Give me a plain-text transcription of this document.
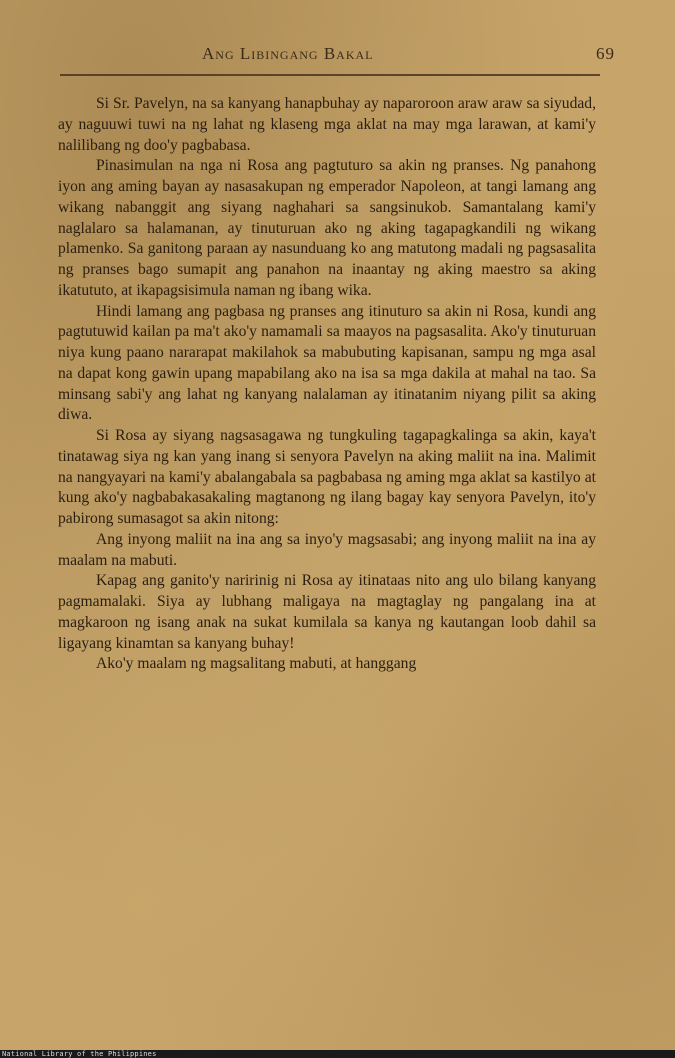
Ang Libingang Bakal	69

Si Sr. Pavelyn, na sa kanyang hanapbuhay ay naparoroon araw araw sa siyudad, ay naguuwi tuwi na ng lahat ng klaseng mga aklat na may mga larawan, at kami'y nalilibang ng doo'y pagbabasa.

Pinasimulan na nga ni Rosa ang pagtuturo sa akin ng pranses. Ng panahong iyon ang aming bayan ay nasasakupan ng emperador Napoleon, at tangi lamang ang wikang nabanggit ang siyang naghahari sa sangsinukob. Samantalang kami'y naglalaro sa halamanan, ay tinuturuan ako ng aking tagapagkandili ng wikang plamenko. Sa ganitong paraan ay nasunduang ko ang matutong madali ng pagsasalita ng pranses bago sumapit ang panahon na inaantay ng aking maestro sa aking ikatututo, at ikapagsisimula naman ng ibang wika.

Hindi lamang ang pagbasa ng pranses ang itinuturo sa akin ni Rosa, kundi ang pagtutuwid kailan pa ma't ako'y namamali sa maayos na pagsasalita. Ako'y tinuturuan niya kung paano nararapat makilahok sa mabubuting kapisanan, sampu ng mga asal na dapat kong gawin upang mapabilang ako na isa sa mga dakila at mahal na tao. Sa minsang sabi'y ang lahat ng kanyang nalalaman ay itinatanim niyang pilit sa aking diwa.

Si Rosa ay siyang nagsasagawa ng tungkuling tagapagkalinga sa akin, kaya't tinatawag siya ng kan yang inang si senyora Pavelyn na aking maliit na ina. Malimit na nangyayari na kami'y abalangabala sa pagbabasa ng aming mga aklat sa kastilyo at kung ako'y nagbabakasakaling magtanong ng ilang bagay kay senyora Pavelyn, ito'y pabirong sumasagot sa akin nitong:

Ang inyong maliit na ina ang sa inyo'y magsasabi; ang inyong maliit na ina ay maalam na mabuti.

Kapag ang ganito'y naririnig ni Rosa ay itinataas nito ang ulo bilang kanyang pagmamalaki. Siya ay lubhang maligaya na magtaglay ng pangalang ina at magkaroon ng isang anak na sukat kumilala sa kanya ng kautangan loob dahil sa ligayang kinamtan sa kanyang buhay!

Ako'y maalam ng magsalitang mabuti, at hanggang

National Library of the Philippines
